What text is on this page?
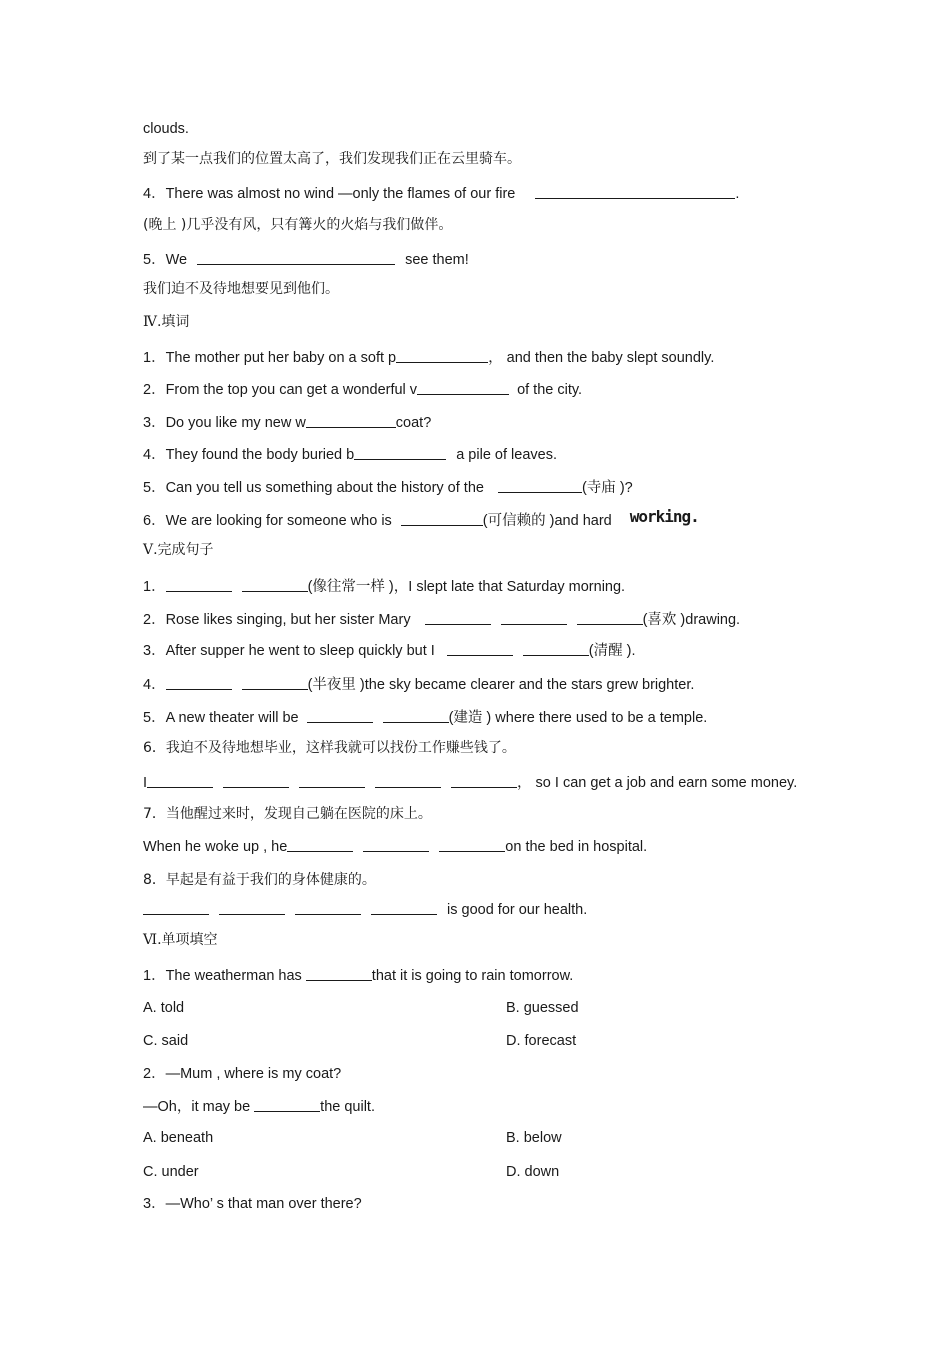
clouds.
到了某一点我们的位置太高了，我们发现我们正在云里骑车。
4．There was almost no wind —only the flames of our fire	.
(晚上 )几乎没有风，只有篝火的火焰与我们做伴。
5．We	see them!
我们迫不及待地想要见到他们。
Ⅳ.填词
1．The mother put her baby on a soft p	， and then the baby slept soundly.
2．From the top you can get a wonderful v	of the city.
3．Do you like my new w	coat?
4．They found the body buried b	a pile of leaves.
5．Can you tell us something about the history of the	(寺庙 )?
6．We are looking for someone who is	(可信赖的 )and hard working.
Ⅴ.完成句子
1．	(像往常一样 )，I slept late that Saturday morning.
2．Rose likes singing, but her sister Mary	(喜欢 )drawing.
3．After supper he went to sleep quickly but I	(清醒 ).
4．	(半夜里 )the sky became clearer and the stars grew brighter.
5．A new theater will be	(建造 ) where there used to be a temple.
6．我迫不及待地想毕业，这样我就可以找份工作赚些钱了。
I	， so I can get a job and earn some money.
7．当他醒过来时，发现自己躺在医院的床上。
When he woke up , he	on the bed in hospital.
8．早起是有益于我们的身体健康的。
is good for our health.
Ⅵ.单项填空
1．The weatherman has	that it is going to rain tomorrow.
A. told	B. guessed
C. said	D. forecast
2．—Mum , where is my coat?
—Oh，it may be	the quilt.
A. beneath	B. below
C. under	D. down
3．—Who’ s that man over there?
